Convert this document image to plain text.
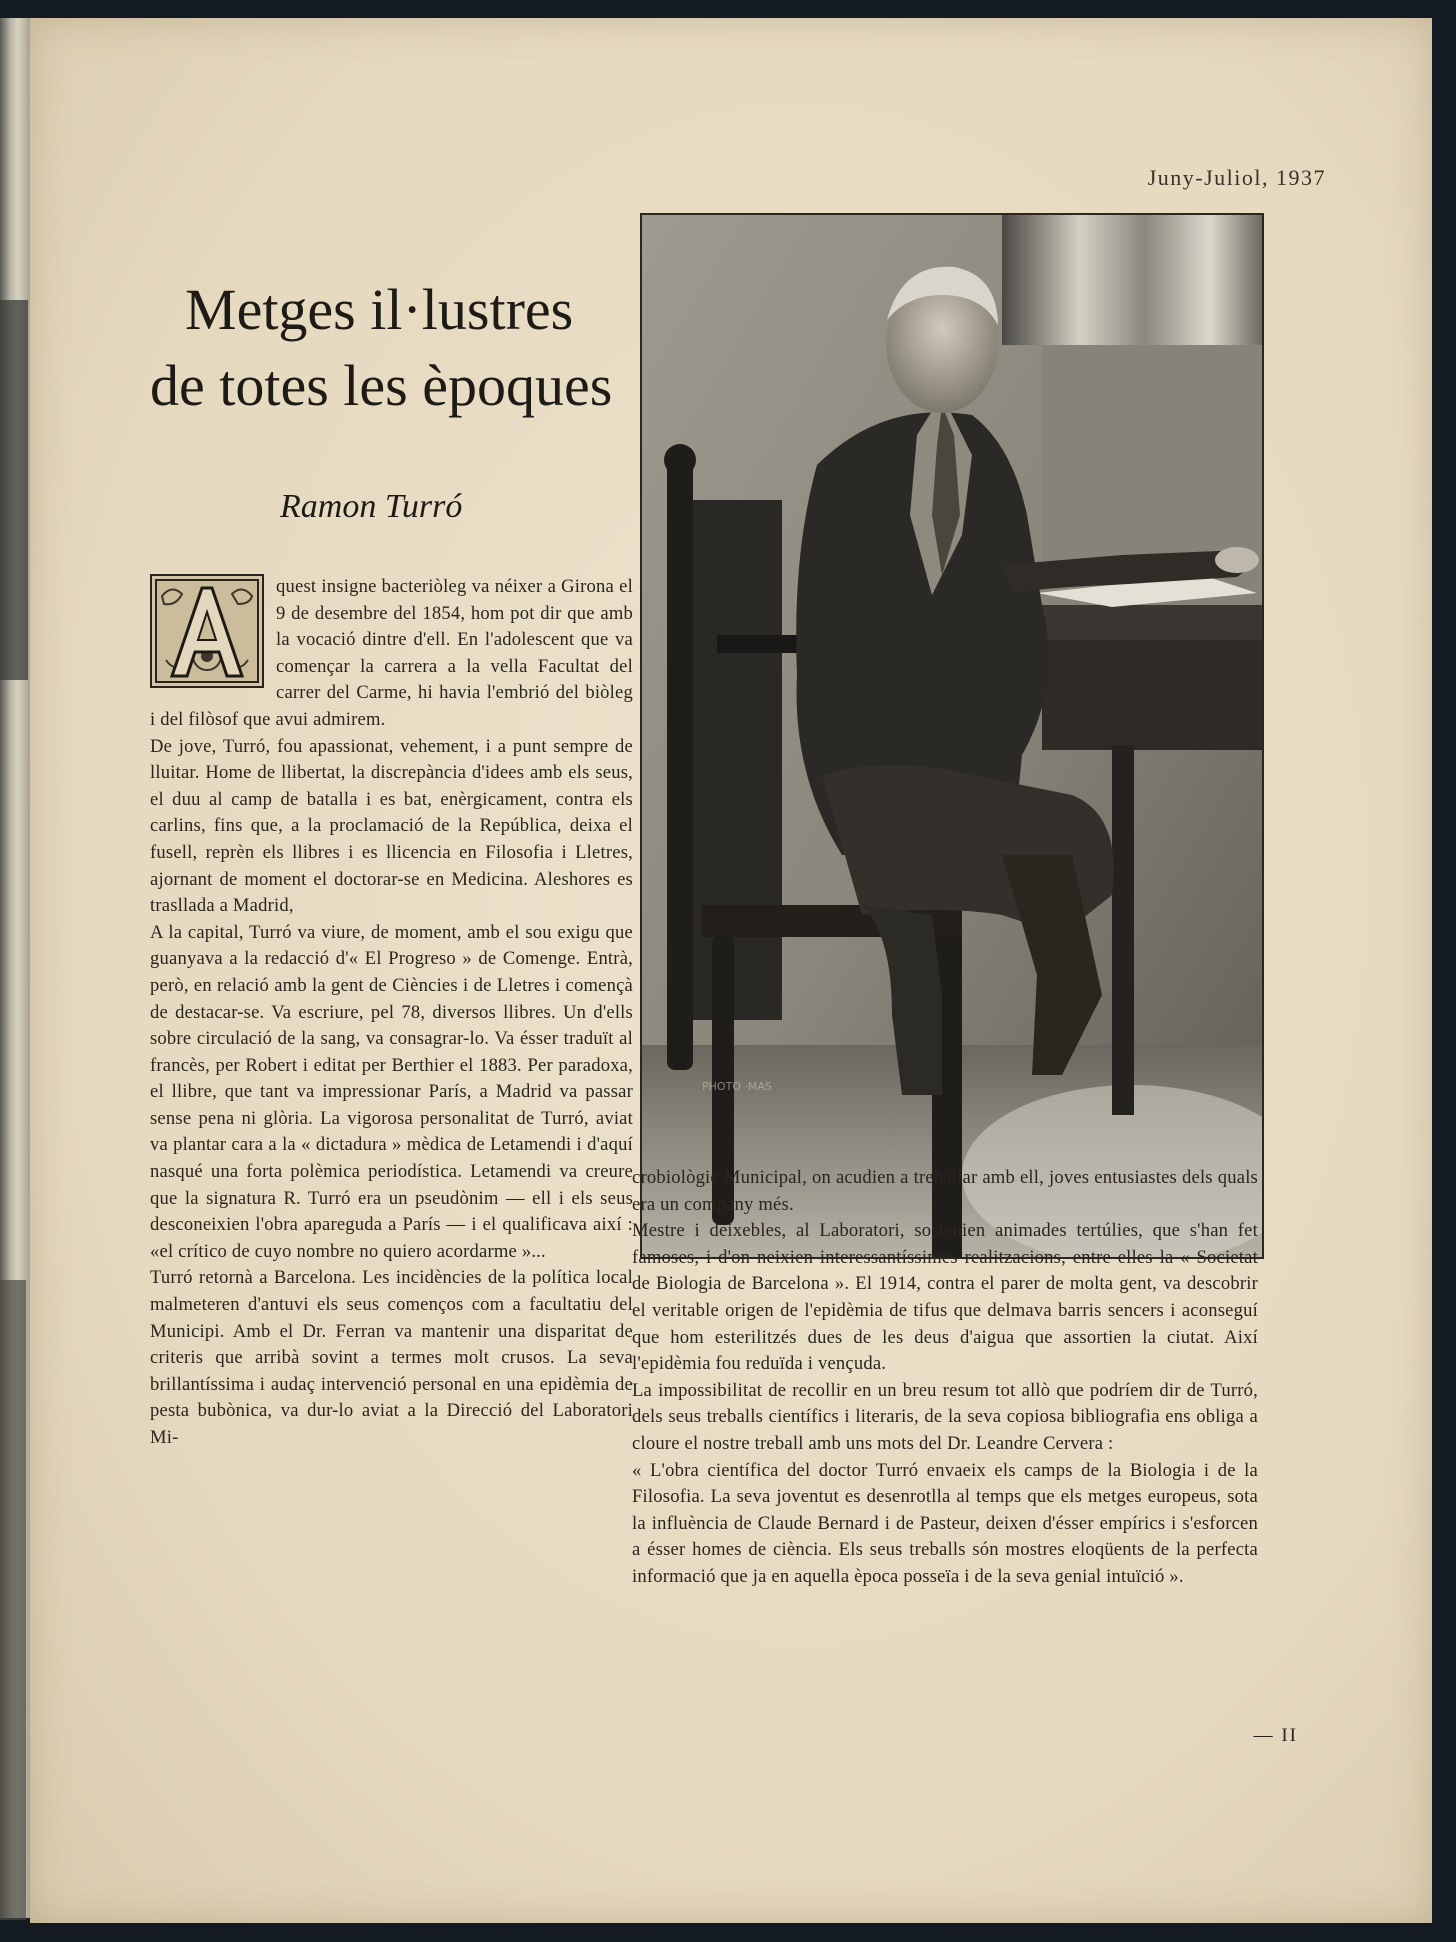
Juny-Juliol, 1937
Metges il·lustres
de totes les èpoques
Ramon Turró
PHOTO ·MAS

quest insigne bacteriòleg va néixer a Girona el 9 de desembre del 1854, hom pot dir que amb la vocació dintre d'ell. En l'adolescent que va començar la carrera a la vella Facultat del carrer del Carme, hi havia l'embrió del biòleg i del filòsof que avui admirem.

De jove, Turró, fou apassionat, vehement, i a punt sempre de lluitar. Home de llibertat, la discrepància d'idees amb els seus, el duu al camp de batalla i es bat, enèrgicament, contra els carlins, fins que, a la proclamació de la República, deixa el fusell, reprèn els llibres i es llicencia en Filosofia i Lletres, ajornant de moment el doctorar-se en Medicina. Aleshores es trasllada a Madrid,

A la capital, Turró va viure, de moment, amb el sou exigu que guanyava a la redacció d'« El Progreso » de Comenge. Entrà, però, en relació amb la gent de Ciències i de Lletres i començà de destacar-se. Va escriure, pel 78, diversos llibres. Un d'ells sobre circulació de la sang, va consagrar-lo. Va ésser traduït al francès, per Robert i editat per Berthier el 1883. Per paradoxa, el llibre, que tant va impressionar París, a Madrid va passar sense pena ni glòria. La vigorosa personalitat de Turró, aviat va plantar cara a la « dictadura » mèdica de Letamendi i d'aquí nasqué una forta polèmica periodística. Letamendi va creure que la signatura R. Turró era un pseudònim — ell i els seus desconeixien l'obra apareguda a París — i el qualificava així : «el crítico de cuyo nombre no quiero acordarme »...

Turró retornà a Barcelona. Les incidències de la política local malmeteren d'antuvi els seus començos com a facultatiu del Municipi. Amb el Dr. Ferran va mantenir una disparitat de criteris que arribà sovint a termes molt crusos. La seva brillantíssima i audaç intervenció personal en una epidèmia de pesta bubònica, va dur-lo aviat a la Direcció del Laboratori Mi-

crobiològic Municipal, on acudien a treballar amb ell, joves entusiastes dels quals era un company més.

Mestre i deixebles, al Laboratori, sostenien animades tertúlies, que s'han fet famoses, i d'on neixien interessantíssimes realitzacions, entre elles la « Societat de Biologia de Barcelona ». El 1914, contra el parer de molta gent, va descobrir el veritable origen de l'epidèmia de tifus que delmava barris sencers i aconseguí que hom esterilitzés dues de les deus d'aigua que assortien la ciutat. Així l'epidèmia fou reduïda i vençuda.

La impossibilitat de recollir en un breu resum tot allò que podríem dir de Turró, dels seus treballs científics i literaris, de la seva copiosa bibliografia ens obliga a cloure el nostre treball amb uns mots del Dr. Leandre Cervera :

« L'obra científica del doctor Turró envaeix els camps de la Biologia i de la Filosofia. La seva joventut es desenrotlla al temps que els metges europeus, sota la influència de Claude Bernard i de Pasteur, deixen d'ésser empírics i s'esforcen a ésser homes de ciència. Els seus treballs són mostres eloqüents de la perfecta informació que ja en aquella època posseïa i de la seva genial intuïció ».

— II
